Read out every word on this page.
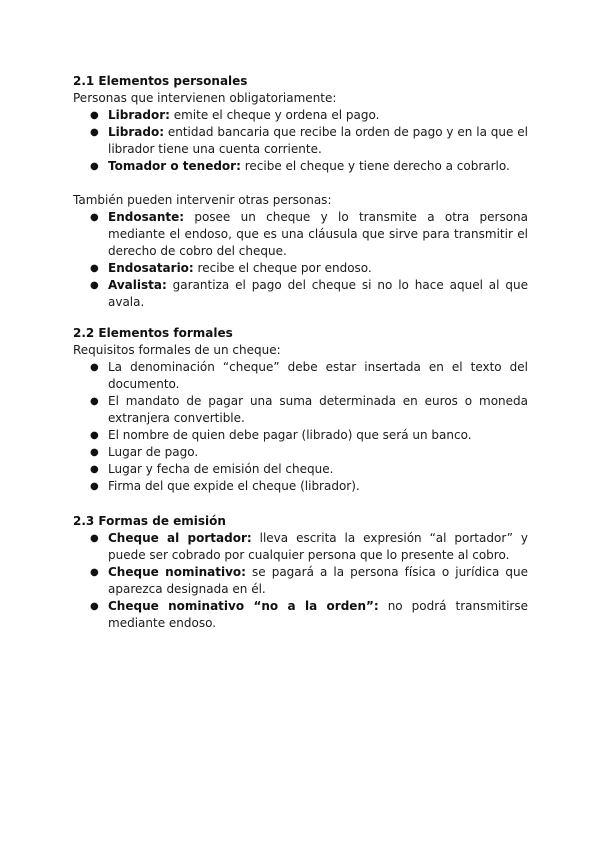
2.1 Elementos personales

Personas que intervienen obligatoriamente:

● Librador: emite el cheque y ordena el pago.
● Librado: entidad bancaria que recibe la orden de pago y en la que el librador tiene una cuenta corriente.
● Tomador o tenedor: recibe el cheque y tiene derecho a cobrarlo.

También pueden intervenir otras personas:

● Endosante: posee un cheque y lo transmite a otra persona mediante el endoso, que es una cláusula que sirve para transmitir el derecho de cobro del cheque.
● Endosatario: recibe el cheque por endoso.
● Avalista: garantiza el pago del cheque si no lo hace aquel al que avala.
2.2 Elementos formales

Requisitos formales de un cheque:

● La denominación “cheque” debe estar insertada en el texto del documento.
● El mandato de pagar una suma determinada en euros o moneda extranjera convertible.
● El nombre de quien debe pagar (librado) que será un banco.
● Lugar de pago.
● Lugar y fecha de emisión del cheque.
● Firma del que expide el cheque (librador).
2.3 Formas de emisión
● Cheque al portador: lleva escrita la expresión “al portador” y puede ser cobrado por cualquier persona que lo presente al cobro.
● Cheque nominativo: se pagará a la persona física o jurídica que aparezca designada en él.
● Cheque nominativo “no a la orden”: no podrá transmitirse mediante endoso.
